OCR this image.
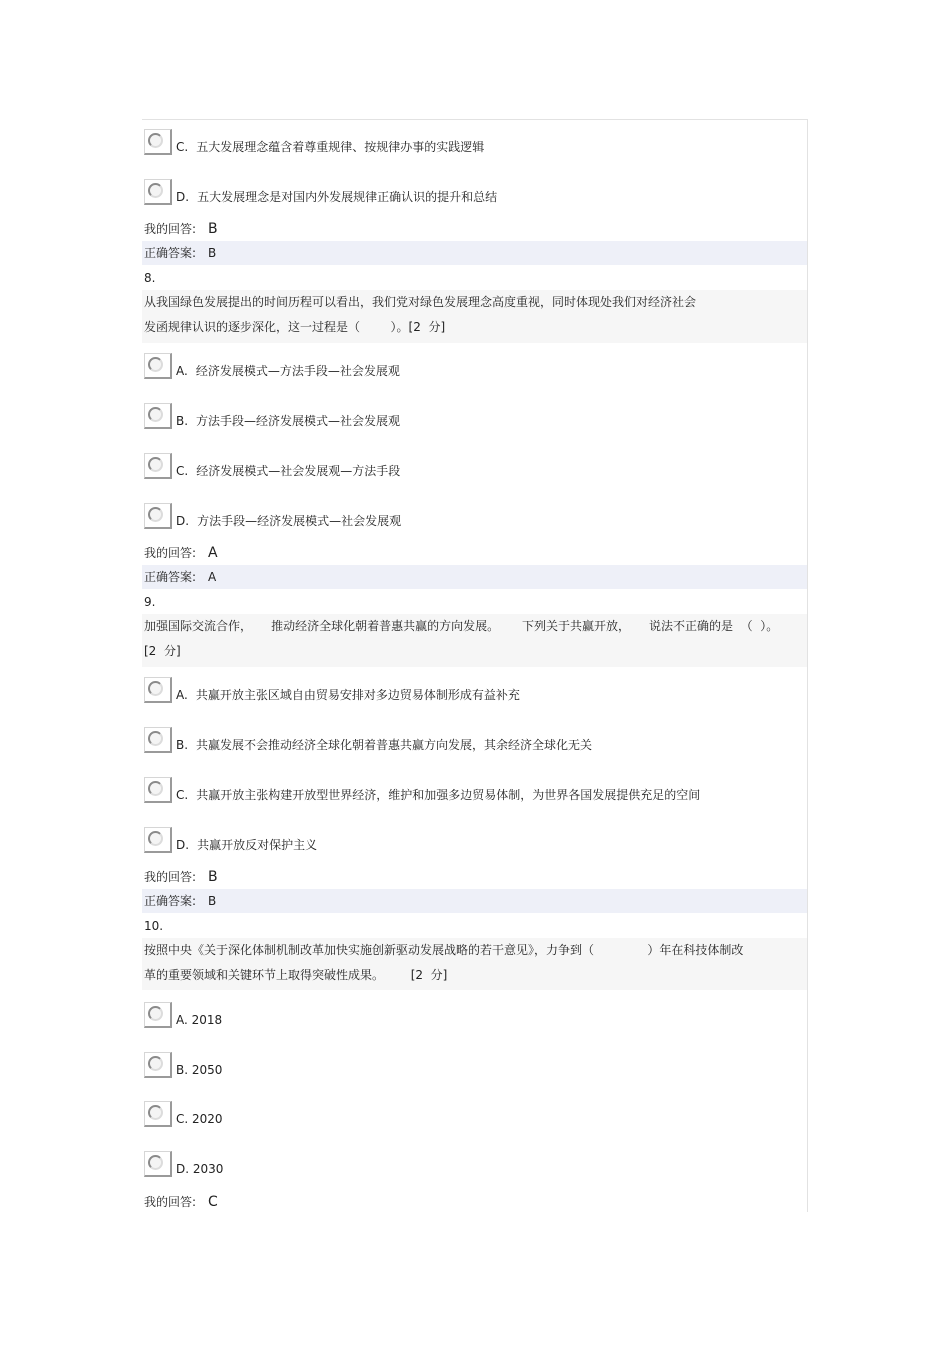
C. 五大发展理念蕴含着尊重规律、按规律办事的实践逻辑
D. 五大发展理念是对国内外发展规律正确认识的提升和总结
我的回答: B
正确答案: B
8.
从我国绿色发展提出的时间历程可以看出，我们党对绿色发展理念高度重视，同时体现处我们对经济社会
发函规律认识的逐步深化，这一过程是（        ）。[2  分]
A. 经济发展模式—方法手段—社会发展观
B. 方法手段—经济发展模式—社会发展观
C. 经济发展模式—社会发展观—方法手段
D. 方法手段—经济发展模式—社会发展观
我的回答: A
正确答案: A
9.
加强国际交流合作，     推动经济全球化朝着普惠共赢的方向发展。      下列关于共赢开放，     说法不正确的是  （  ）。
[2  分]
A. 共赢开放主张区域自由贸易安排对多边贸易体制形成有益补充
B. 共赢发展不会推动经济全球化朝着普惠共赢方向发展，其余经济全球化无关
C. 共赢开放主张构建开放型世界经济，维护和加强多边贸易体制，为世界各国发展提供充足的空间
D. 共赢开放反对保护主义
我的回答: B
正确答案: B
10.
按照中央《关于深化体制机制改革加快实施创新驱动发展战略的若干意见》，力争到（              ）年在科技体制改
革的重要领域和关键环节上取得突破性成果。       [2  分]
A. 2018
B. 2050
C. 2020
D. 2030
我的回答: C
